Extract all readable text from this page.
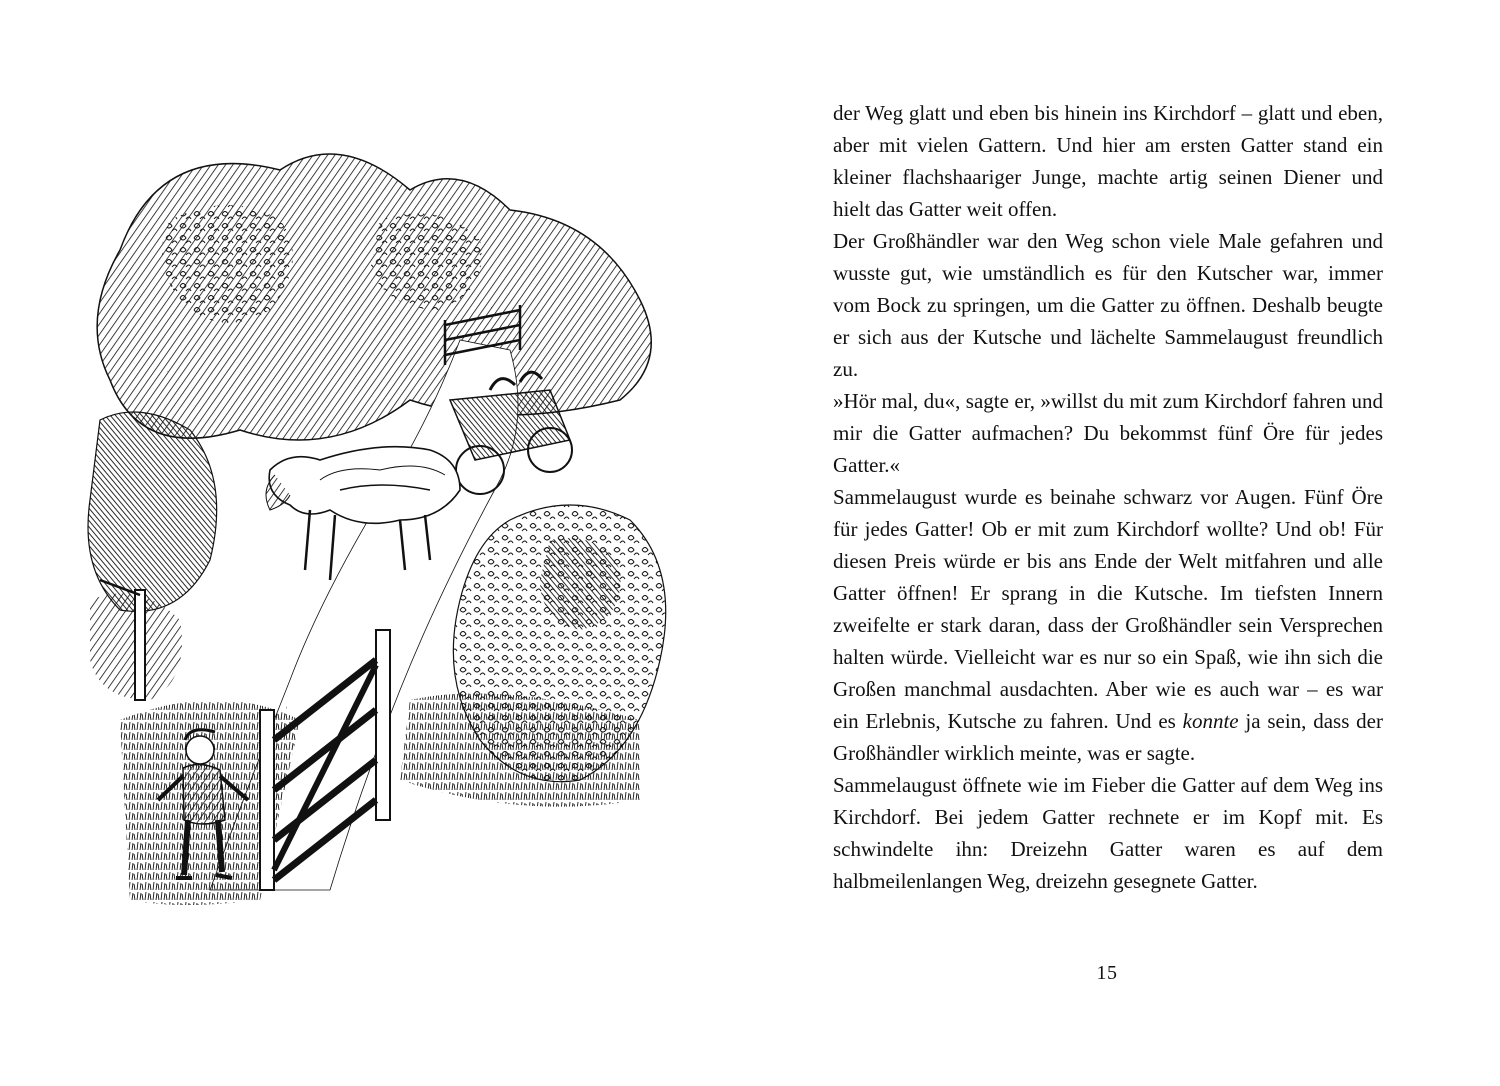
der Weg glatt und eben bis hinein ins Kirchdorf – glatt und eben, aber mit vielen Gattern. Und hier am ersten Gatter stand ein kleiner flachshaariger Junge, machte artig seinen Diener und hielt das Gatter weit offen.

Der Großhändler war den Weg schon viele Male gefahren und wusste gut, wie umständlich es für den Kutscher war, immer vom Bock zu springen, um die Gatter zu öffnen. Deshalb beugte er sich aus der Kutsche und lächelte Sammelaugust freundlich zu.

»Hör mal, du«, sagte er, »willst du mit zum Kirchdorf fahren und mir die Gatter aufmachen? Du bekommst fünf Öre für jedes Gatter.«

Sammelaugust wurde es beinahe schwarz vor Augen. Fünf Öre für jedes Gatter! Ob er mit zum Kirchdorf wollte? Und ob! Für diesen Preis würde er bis ans Ende der Welt mitfahren und alle Gatter öffnen! Er sprang in die Kutsche. Im tiefsten Innern zweifelte er stark daran, dass der Großhändler sein Versprechen halten würde. Vielleicht war es nur so ein Spaß, wie ihn sich die Großen manchmal ausdachten. Aber wie es auch war – es war ein Erlebnis, Kutsche zu fahren. Und es konnte ja sein, dass der Großhändler wirklich meinte, was er sagte.

Sammelaugust öffnete wie im Fieber die Gatter auf dem Weg ins Kirchdorf. Bei jedem Gatter rechnete er im Kopf mit. Es schwindelte ihn: Dreizehn Gatter waren es auf dem halbmeilenlangen Weg, dreizehn gesegnete Gatter.

15
